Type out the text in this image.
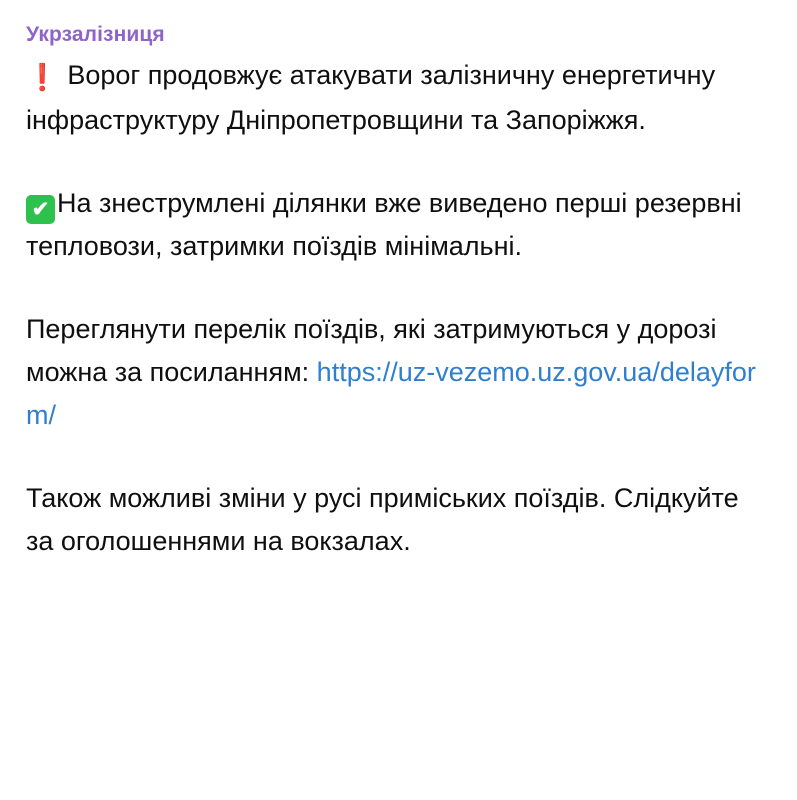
Укрзалізниця

❗ Ворог продовжує атакувати залізничну енергетичну інфраструктуру Дніпропетровщини та Запоріжжя.

✔ На знеструмлені ділянки вже виведено перші резервні тепловози, затримки поїздів мінімальні.

Переглянути перелік поїздів, які затримуються у дорозі можна за посиланням: https://uz-vezemo.uz.gov.ua/delayform/

Також можливі зміни у русі приміських поїздів. Слідкуйте за оголошеннями на вокзалах.
